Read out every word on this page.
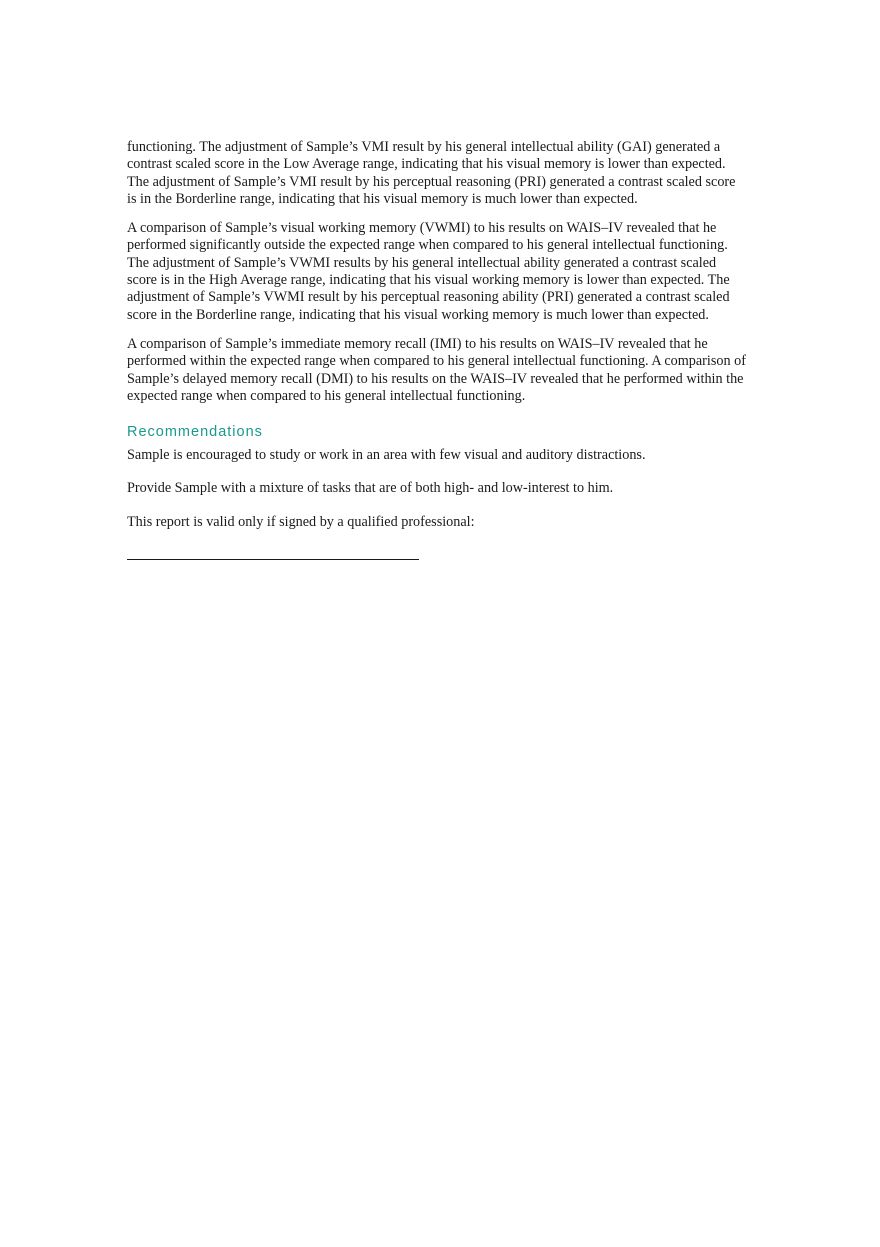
functioning. The adjustment of Sample’s VMI result by his general intellectual ability (GAI) generated a contrast scaled score in the Low Average range, indicating that his visual memory is lower than expected. The adjustment of Sample’s VMI result by his perceptual reasoning (PRI) generated a contrast scaled score is in the Borderline range, indicating that his visual memory is much lower than expected.

A comparison of Sample’s visual working memory (VWMI) to his results on WAIS–IV revealed that he performed significantly outside the expected range when compared to his general intellectual functioning. The adjustment of Sample’s VWMI results by his general intellectual ability generated a contrast scaled score is in the High Average range, indicating that his visual working memory is lower than expected. The adjustment of Sample’s VWMI result by his perceptual reasoning ability (PRI) generated a contrast scaled score in the Borderline range, indicating that his visual working memory is much lower than expected.

A comparison of Sample’s immediate memory recall (IMI) to his results on WAIS–IV revealed that he performed within the expected range when compared to his general intellectual functioning. A comparison of Sample’s delayed memory recall (DMI) to his results on the WAIS–IV revealed that he performed within the expected range when compared to his general intellectual functioning.

Recommendations

Sample is encouraged to study or work in an area with few visual and auditory distractions.

Provide Sample with a mixture of tasks that are of both high- and low-interest to him.

This report is valid only if signed by a qualified professional:
